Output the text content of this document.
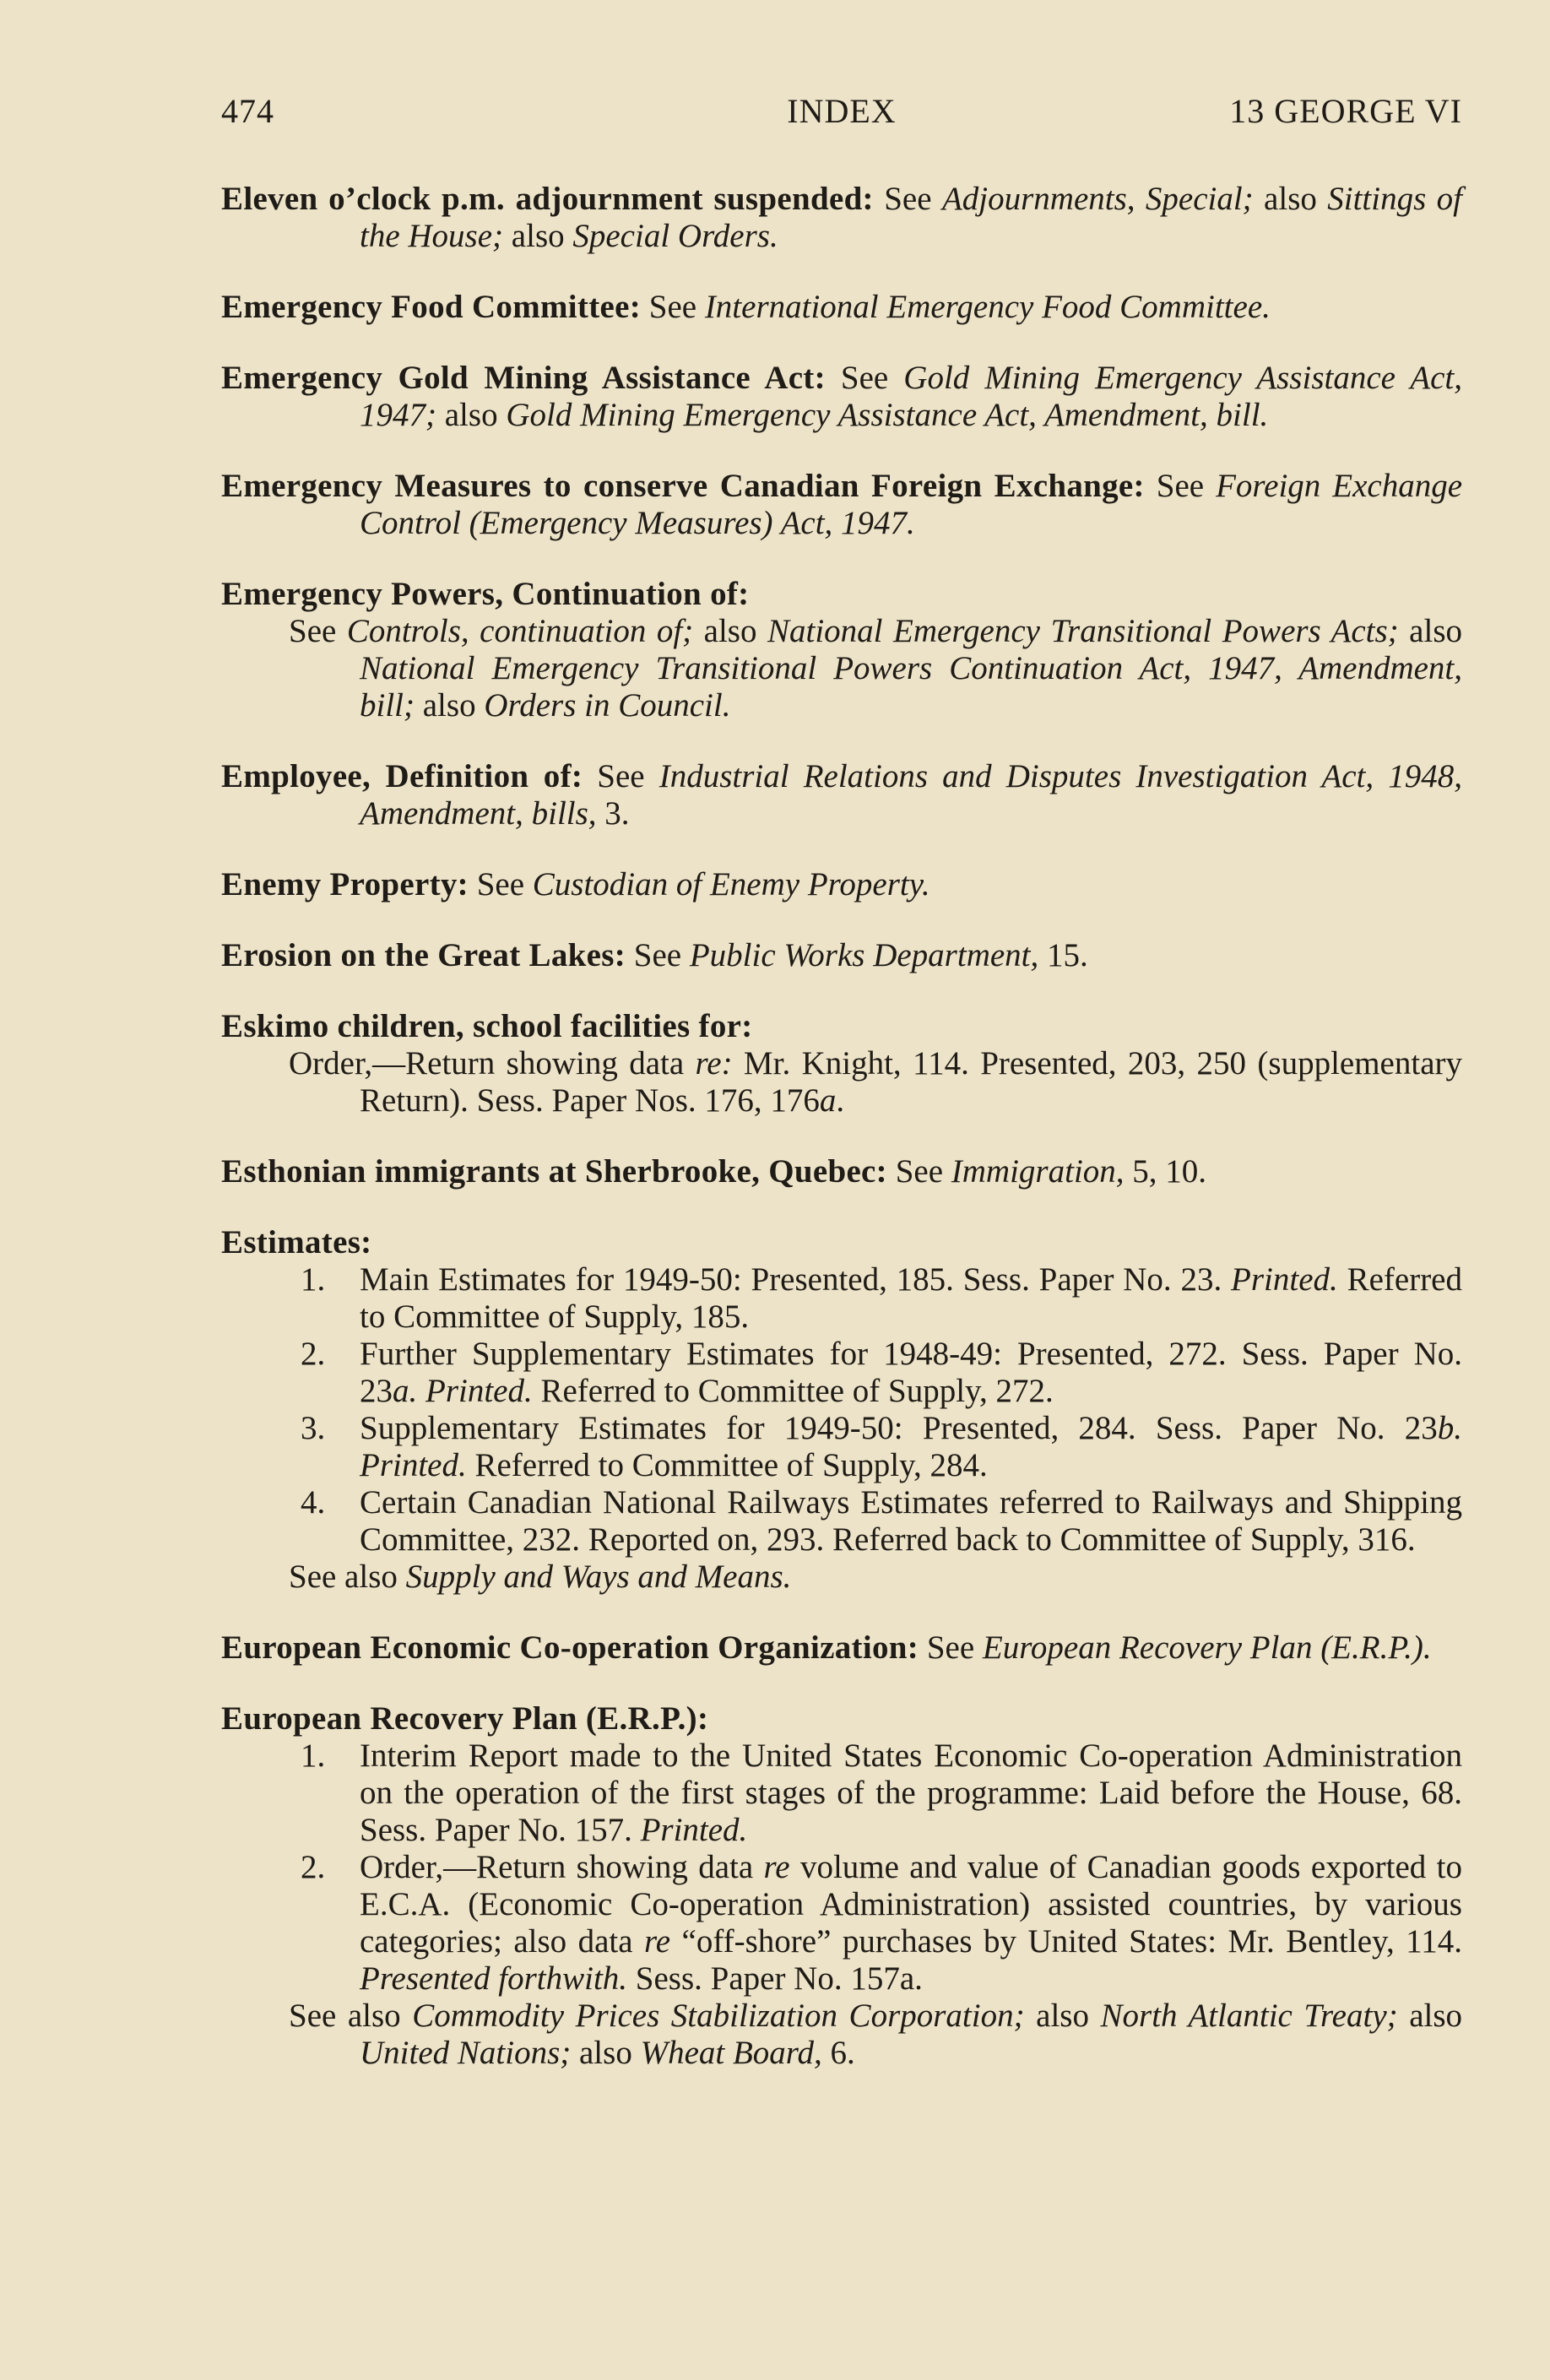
474	INDEX	13 GEORGE VI

Eleven o’clock p.m. adjournment suspended: See Adjournments, Special; also Sittings of the House; also Special Orders.

Emergency Food Committee: See International Emergency Food Committee.

Emergency Gold Mining Assistance Act: See Gold Mining Emergency Assistance Act, 1947; also Gold Mining Emergency Assistance Act, Amendment, bill.

Emergency Measures to conserve Canadian Foreign Exchange: See Foreign Exchange Control (Emergency Measures) Act, 1947.

Emergency Powers, Continuation of:

See Controls, continuation of; also National Emergency Transitional Powers Acts; also National Emergency Transitional Powers Continuation Act, 1947, Amendment, bill; also Orders in Council.

Employee, Definition of: See Industrial Relations and Disputes Investigation Act, 1948, Amendment, bills, 3.

Enemy Property: See Custodian of Enemy Property.

Erosion on the Great Lakes: See Public Works Department, 15.

Eskimo children, school facilities for:

Order,—Return showing data re: Mr. Knight, 114. Presented, 203, 250 (supplementary Return). Sess. Paper Nos. 176, 176a.

Esthonian immigrants at Sherbrooke, Quebec: See Immigration, 5, 10.

Estimates:
1. Main Estimates for 1949-50: Presented, 185. Sess. Paper No. 23. Printed. Referred to Committee of Supply, 185.
2. Further Supplementary Estimates for 1948-49: Presented, 272. Sess. Paper No. 23a. Printed. Referred to Committee of Supply, 272.
3. Supplementary Estimates for 1949-50: Presented, 284. Sess. Paper No. 23b. Printed. Referred to Committee of Supply, 284.
4. Certain Canadian National Railways Estimates referred to Railways and Shipping Committee, 232. Reported on, 293. Referred back to Committee of Supply, 316.

See also Supply and Ways and Means.

European Economic Co-operation Organization: See European Recovery Plan (E.R.P.).

European Recovery Plan (E.R.P.):
1. Interim Report made to the United States Economic Co-operation Administration on the operation of the first stages of the programme: Laid before the House, 68. Sess. Paper No. 157. Printed.
2. Order,—Return showing data re volume and value of Canadian goods exported to E.C.A. (Economic Co-operation Administration) assisted countries, by various categories; also data re “off-shore” purchases by United States: Mr. Bentley, 114. Presented forthwith. Sess. Paper No. 157a.

See also Commodity Prices Stabilization Corporation; also North Atlantic Treaty; also United Nations; also Wheat Board, 6.
